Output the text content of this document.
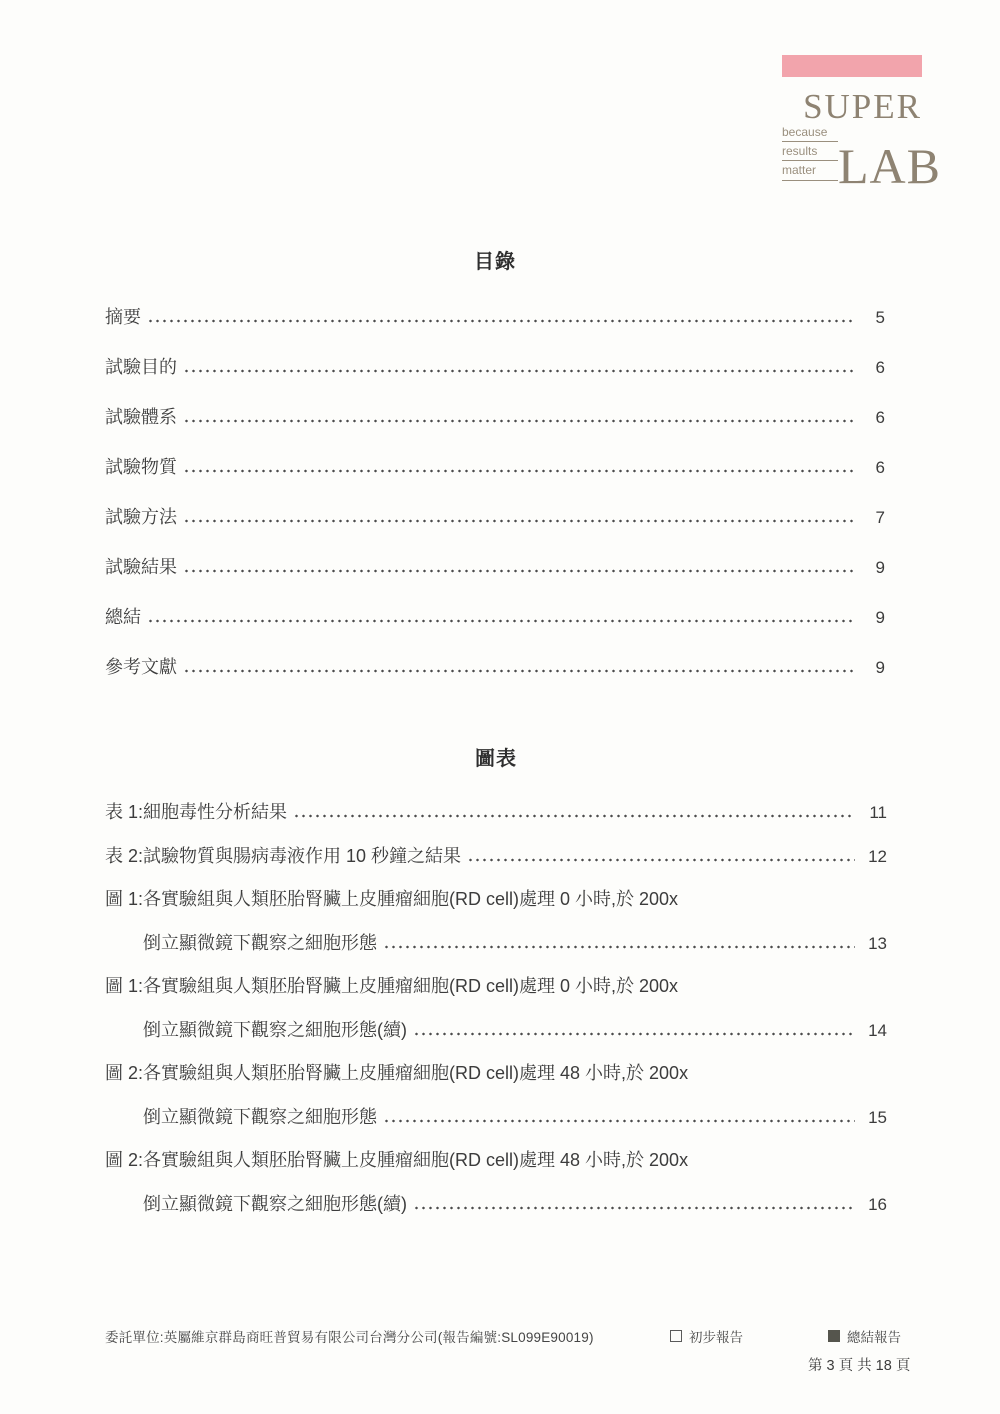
SUPER
because
results
matter LAB
目錄
摘要	5
試驗目的	6
試驗體系	6
試驗物質	6
試驗方法	7
試驗結果	9
總結	9
參考文獻	9
圖表
表 1: 細胞毒性分析結果	11
表 2: 試驗物質與腸病毒液作用 10 秒鐘之結果	12
圖 1: 各實驗組與人類胚胎腎臟上皮腫瘤細胞(RD cell)處理 0 小時,於 200x
倒立顯微鏡下觀察之細胞形態	13
圖 1: 各實驗組與人類胚胎腎臟上皮腫瘤細胞(RD cell)處理 0 小時,於 200x
倒立顯微鏡下觀察之細胞形態(續)	14
圖 2: 各實驗組與人類胚胎腎臟上皮腫瘤細胞(RD cell)處理 48 小時,於 200x
倒立顯微鏡下觀察之細胞形態	15
圖 2: 各實驗組與人類胚胎腎臟上皮腫瘤細胞(RD cell)處理 48 小時,於 200x
倒立顯微鏡下觀察之細胞形態(續)	16
委託單位:英屬維京群島商旺普貿易有限公司台灣分公司(報告編號:SL099E90019)	初步報告	總結報告
第 3 頁 共 18 頁
